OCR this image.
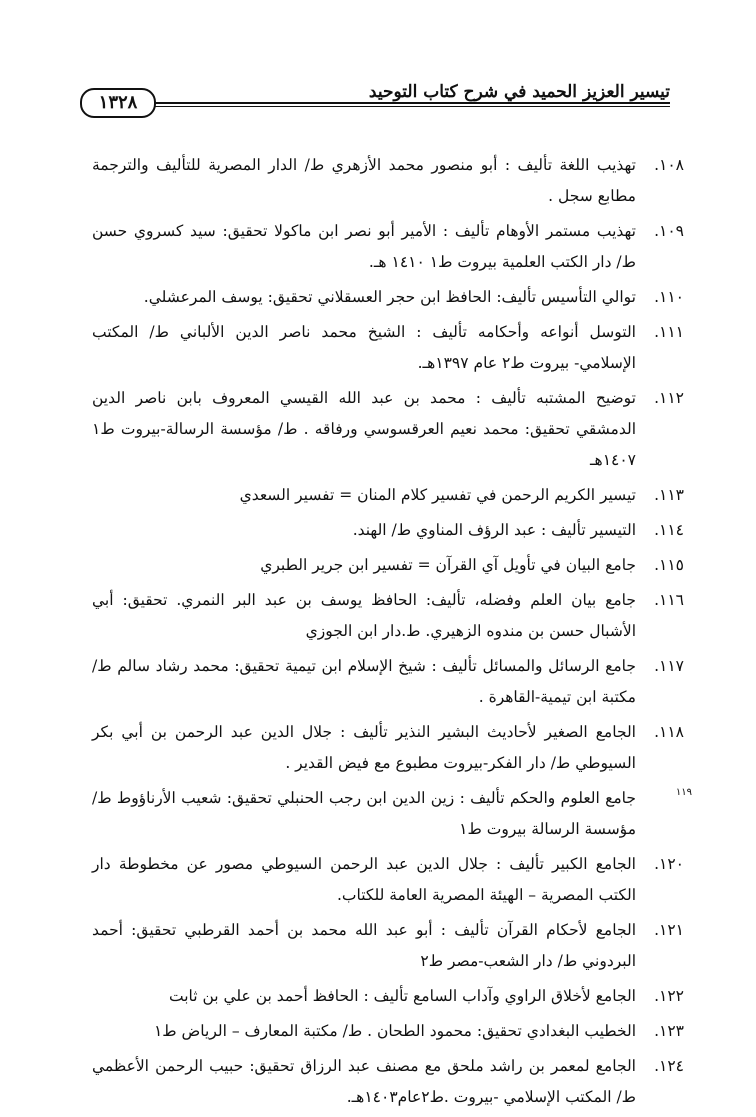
تيسير العزيز الحميد في شرح كتاب التوحيد
١٣٢٨
١٠٨.
تهذيب اللغة تأليف : أبو منصور محمد الأزهري ط/ الدار المصرية للتأليف والترجمة مطابع سجل .
١٠٩.
تهذيب مستمر الأوهام تأليف : الأمير أبو نصر ابن ماكولا تحقيق: سيد كسروي حسن ط/ دار الكتب العلمية بيروت ط١ ١٤١٠ هـ.
١١٠.
توالي التأسيس تأليف: الحافظ ابن حجر العسقلاني تحقيق: يوسف المرعشلي.
١١١.
التوسل أنواعه وأحكامه تأليف : الشيخ محمد ناصر الدين الألباني ط/ المكتب الإسلامي- بيروت ط٢ عام ١٣٩٧هـ.
١١٢.
توضيح المشتبه تأليف : محمد بن عبد الله القيسي المعروف بابن ناصر الدين الدمشقي تحقيق: محمد نعيم العرقسوسي ورفاقه . ط/ مؤسسة الرسالة-بيروت ط١ ١٤٠٧هـ
١١٣.
تيسير الكريم الرحمن في تفسير كلام المنان = تفسير السعدي
١١٤.
التيسير تأليف : عبد الرؤف المناوي ط/ الهند.
١١٥.
جامع البيان في تأويل آي القرآن = تفسير ابن جرير الطبري
١١٦.
جامع بيان العلم وفضله، تأليف: الحافظ يوسف بن عبد البر النمري. تحقيق: أبي الأشبال حسن بن مندوه الزهيري. ط.دار ابن الجوزي
١١٧.
جامع الرسائل والمسائل تأليف : شيخ الإسلام ابن تيمية تحقيق: محمد رشاد سالم ط/ مكتبة ابن تيمية-القاهرة .
١١٨.
الجامع الصغير لأحاديث البشير النذير تأليف : جلال الدين عبد الرحمن بن أبي بكر السيوطي ط/ دار الفكر-بيروت مطبوع مع فيض القدير .
١١٩
جامع العلوم والحكم تأليف : زين الدين ابن رجب الحنبلي تحقيق: شعيب الأرناؤوط ط/ مؤسسة الرسالة بيروت ط١
١٢٠.
الجامع الكبير تأليف : جلال الدين عبد الرحمن السيوطي مصور عن مخطوطة دار الكتب المصرية – الهيئة المصرية العامة للكتاب.
١٢١.
الجامع لأحكام القرآن تأليف : أبو عبد الله محمد بن أحمد القرطبي تحقيق: أحمد البردوني ط/ دار الشعب-مصر ط٢
١٢٢.
الجامع لأخلاق الراوي وآداب السامع تأليف : الحافظ أحمد بن علي بن ثابت
١٢٣.
الخطيب البغدادي تحقيق: محمود الطحان . ط/ مكتبة المعارف – الرياض ط١
١٢٤.
الجامع لمعمر بن راشد ملحق مع مصنف عبد الرزاق تحقيق: حبيب الرحمن الأعظمي ط/ المكتب الإسلامي -بيروت .ط٢عام١٤٠٣هـ.
